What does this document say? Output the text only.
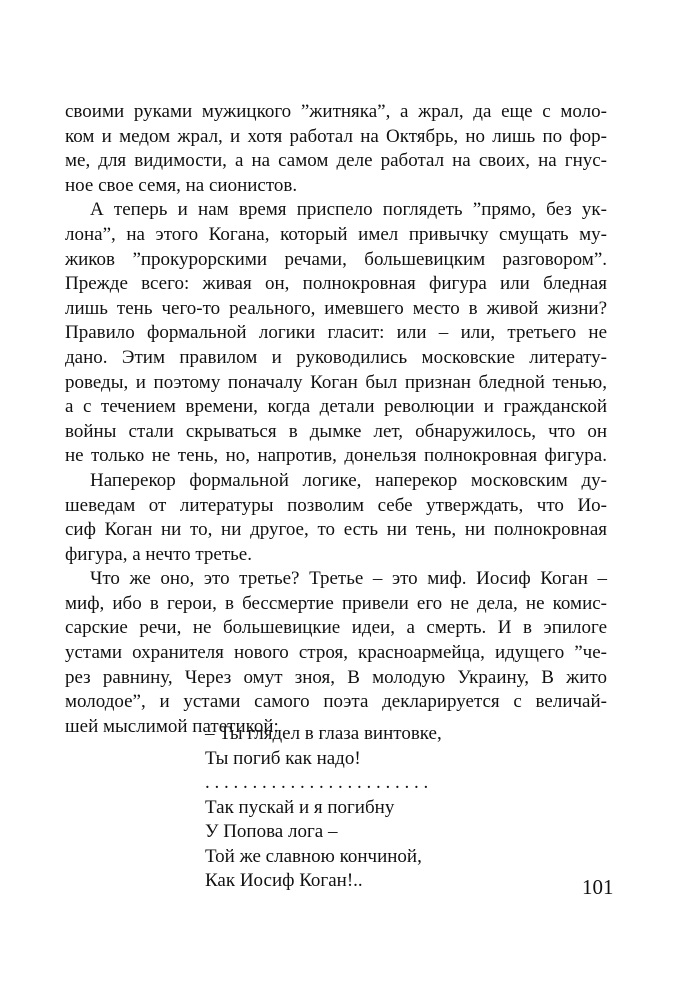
своими руками мужицкого ”житняка”, а жрал, да еще с моло-
ком и медом жрал, и хотя работал на Октябрь, но лишь по фор-
ме, для видимости, а на самом деле работал на своих, на гнус-
ное свое семя, на сионистов.
А теперь и нам время приспело поглядеть ”прямо, без ук-
лона”, на этого Когана, который имел привычку смущать му-
жиков ”прокурорскими речами, большевицким разговором”.
Прежде всего: живая он, полнокровная фигура или бледная
лишь тень чего-то реального, имевшего место в живой жизни?
Правило формальной логики гласит: или – или, третьего не
дано. Этим правилом и руководились московские литерату-
роведы, и поэтому поначалу Коган был признан бледной тенью,
а с течением времени, когда детали революции и гражданской
войны стали скрываться в дымке лет, обнаружилось, что он
не только не тень, но, напротив, донельзя полнокровная фигура.
Наперекор формальной логике, наперекор московским ду-
шеведам от литературы позволим себе утверждать, что Ио-
сиф Коган ни то, ни другое, то есть ни тень, ни полнокровная
фигура, а нечто третье.
Что же оно, это третье? Третье – это миф. Иосиф Коган –
миф, ибо в герои, в бессмертие привели его не дела, не комис-
сарские речи, не большевицкие идеи, а смерть. И в эпилоге
устами охранителя нового строя, красноармейца, идущего ”че-
рез равнину, Через омут зноя, В молодую Украину, В жито
молодое”, и устами самого поэта декларируется с величай-
шей мыслимой патетикой:
– Ты глядел в глаза винтовке,
Ты погиб как надо!
. . . . . . . . . . . . . . . . . . . . . . . .
Так пускай и я погибну
У Попова лога –
Той же славною кончиной,
Как Иосиф Коган!..	101
